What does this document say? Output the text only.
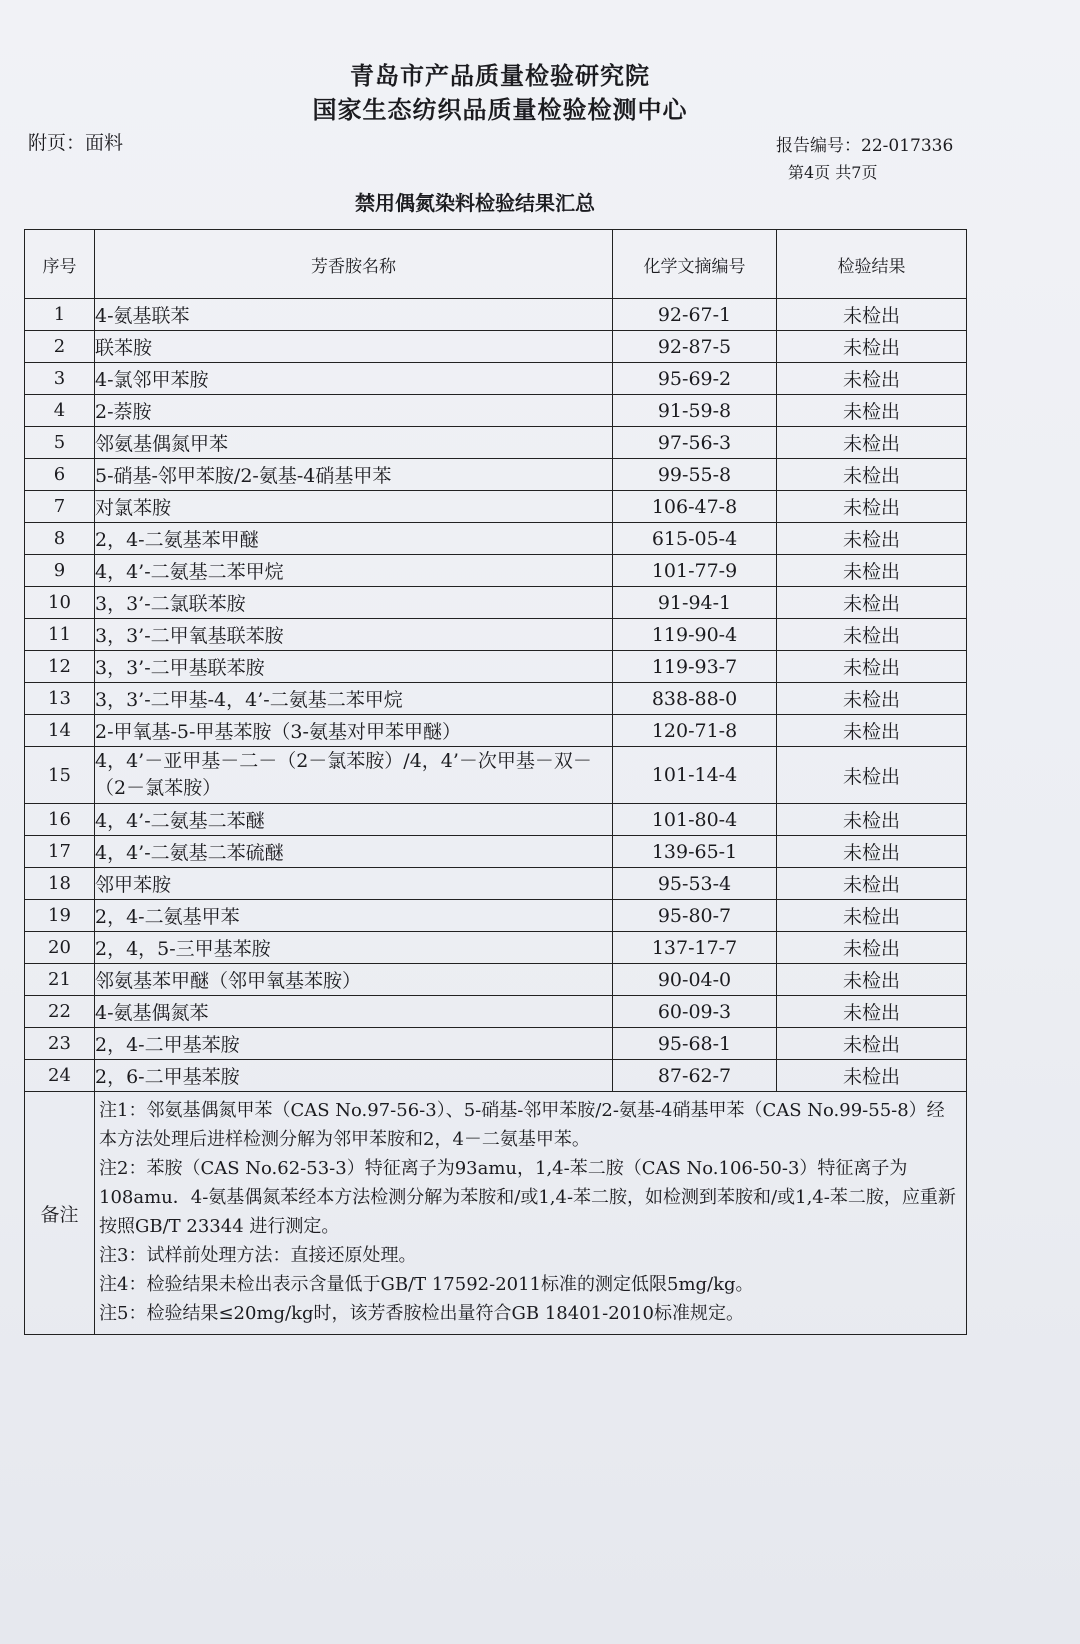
青岛市产品质量检验研究院
国家生态纺织品质量检验检测中心
附页：面料	报告编号：22-017336
第4页 共7页
禁用偶氮染料检验结果汇总
序号	芳香胺名称	化学文摘编号	检验结果
1	4-氨基联苯	92-67-1	未检出
2	联苯胺	92-87-5	未检出
3	4-氯邻甲苯胺	95-69-2	未检出
4	2-萘胺	91-59-8	未检出
5	邻氨基偶氮甲苯	97-56-3	未检出
6	5-硝基-邻甲苯胺/2-氨基-4硝基甲苯	99-55-8	未检出
7	对氯苯胺	106-47-8	未检出
8	2，4-二氨基苯甲醚	615-05-4	未检出
9	4，4’-二氨基二苯甲烷	101-77-9	未检出
10	3，3’-二氯联苯胺	91-94-1	未检出
11	3，3’-二甲氧基联苯胺	119-90-4	未检出
12	3，3’-二甲基联苯胺	119-93-7	未检出
13	3，3’-二甲基-4，4’-二氨基二苯甲烷	838-88-0	未检出
14	2-甲氧基-5-甲基苯胺（3-氨基对甲苯甲醚）	120-71-8	未检出
15	4，4’－亚甲基－二－（2－氯苯胺）/4，4’－次甲基－双－（2－氯苯胺）	101-14-4	未检出
16	4，4’-二氨基二苯醚	101-80-4	未检出
17	4，4’-二氨基二苯硫醚	139-65-1	未检出
18	邻甲苯胺	95-53-4	未检出
19	2，4-二氨基甲苯	95-80-7	未检出
20	2，4，5-三甲基苯胺	137-17-7	未检出
21	邻氨基苯甲醚（邻甲氧基苯胺）	90-04-0	未检出
22	4-氨基偶氮苯	60-09-3	未检出
23	2，4-二甲基苯胺	95-68-1	未检出
24	2，6-二甲基苯胺	87-62-7	未检出
备注	注1：邻氨基偶氮甲苯（CAS No.97-56-3）、5-硝基-邻甲苯胺/2-氨基-4硝基甲苯（CAS No.99-55-8）经本方法处理后进样检测分解为邻甲苯胺和2，4－二氨基甲苯。
注2：苯胺（CAS No.62-53-3）特征离子为93amu，1,4-苯二胺（CAS No.106-50-3）特征离子为108amu．4-氨基偶氮苯经本方法检测分解为苯胺和/或1,4-苯二胺，如检测到苯胺和/或1,4-苯二胺，应重新按照GB/T 23344 进行测定。
注3：试样前处理方法：直接还原处理。
注4：检验结果未检出表示含量低于GB/T 17592-2011标准的测定低限5mg/kg。
注5：检验结果≤20mg/kg时，该芳香胺检出量符合GB 18401-2010标准规定。		
